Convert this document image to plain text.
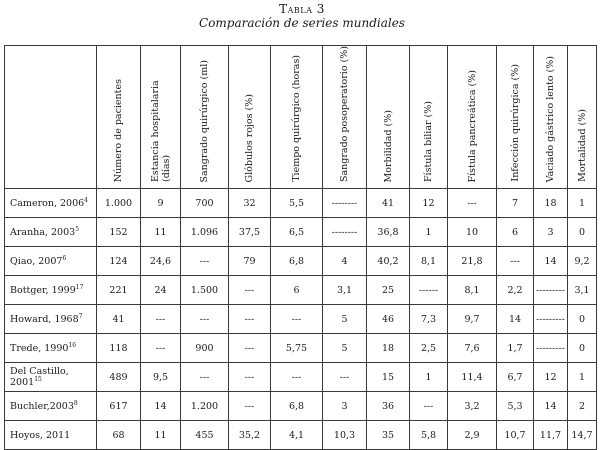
Tabla 3
Comparación de series mundiales
	Número de pacientes	Estancia hospitalaria (días)	Sangrado quirúrgico (ml)	Glóbulos rojos (%)	Tiempo quirúrgico (horas)	Sangrado posoperatorio (%)	Morbilidad (%)	Fístula biliar (%)	Fístula pancreática (%)	Infección quirúrgica (%)	Vaciado gástrico lento (%)	Mortalidad (%)
Cameron, 2006$^4$	1.000	9	700	32	5,5	--------	41	12	---	7	18	1
Aranha, 2003$^5$	152	11	1.096	37,5	6,5	--------	36,8	1	10	6	3	0
Qiao, 2007$^6$	124	24,6	---	79	6,8	4	40,2	8,1	21,8	---	14	9,2
Bottger, 1999$^{17}$	221	24	1.500	---	6	3,1	25	------	8,1	2,2	---------	3,1
Howard, 1968$^7$	41	---	---	---	---	5	46	7,3	9,7	14	---------	0
Trede, 1990$^{16}$	118	---	900	---	5,75	5	18	2,5	7,6	1,7	---------	0
Del Castillo, 2001$^{15}$	489	9,5	---	---	---	---	15	1	11,4	6,7	12	1
Buchler,2003$^8$	617	14	1.200	---	6,8	3	36	---	3,2	5,3	14	2
Hoyos, 2011	68	11	455	35,2	4,1	10,3	35	5,8	2,9	10,7	11,7	14,7
